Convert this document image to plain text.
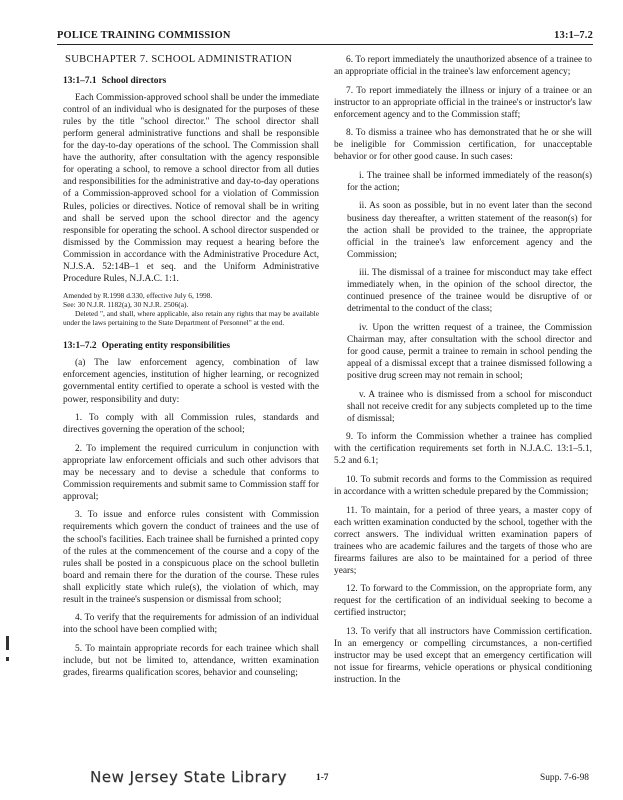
POLICE TRAINING COMMISSION	13:1–7.2

SUBCHAPTER 7. SCHOOL ADMINISTRATION

13:1–7.1 School directors

Each Commission-approved school shall be under the immediate control of an individual who is designated for the purposes of these rules by the title "school director." The school director shall perform general administrative functions and shall be responsible for the day-to-day operations of the school. The Commission shall have the authority, after consultation with the agency responsible for operating a school, to remove a school director from all duties and responsibilities for the administrative and day-to-day operations of a Commission-approved school for a violation of Commission Rules, policies or directives. Notice of removal shall be in writing and shall be served upon the school director and the agency responsible for operating the school. A school director suspended or dismissed by the Commission may request a hearing before the Commission in accordance with the Administrative Procedure Act, N.J.S.A. 52:14B–1 et seq. and the Uniform Administrative Procedure Rules, N.J.A.C. 1:1.

Amended by R.1998 d.330, effective July 6, 1998.
See: 30 N.J.R. 1182(a), 30 N.J.R. 2506(a).
Deleted ", and shall, where applicable, also retain any rights that may be available under the laws pertaining to the State Department of Personnel" at the end.

13:1–7.2 Operating entity responsibilities

(a) The law enforcement agency, combination of law enforcement agencies, institution of higher learning, or recognized governmental entity certified to operate a school is vested with the power, responsibility and duty:

1. To comply with all Commission rules, standards and directives governing the operation of the school;

2. To implement the required curriculum in conjunction with appropriate law enforcement officials and such other advisors that may be necessary and to devise a schedule that conforms to Commission requirements and submit same to Commission staff for approval;

3. To issue and enforce rules consistent with Commission requirements which govern the conduct of trainees and the use of the school's facilities. Each trainee shall be furnished a printed copy of the rules at the commencement of the course and a copy of the rules shall be posted in a conspicuous place on the school bulletin board and remain there for the duration of the course. These rules shall explicitly state which rule(s), the violation of which, may result in the trainee's suspension or dismissal from school;

4. To verify that the requirements for admission of an individual into the school have been complied with;

5. To maintain appropriate records for each trainee which shall include, but not be limited to, attendance, written examination grades, firearms qualification scores, behavior and counseling;

6. To report immediately the unauthorized absence of a trainee to an appropriate official in the trainee's law enforcement agency;

7. To report immediately the illness or injury of a trainee or an instructor to an appropriate official in the trainee's or instructor's law enforcement agency and to the Commission staff;

8. To dismiss a trainee who has demonstrated that he or she will be ineligible for Commission certification, for unacceptable behavior or for other good cause. In such cases:

i. The trainee shall be informed immediately of the reason(s) for the action;

ii. As soon as possible, but in no event later than the second business day thereafter, a written statement of the reason(s) for the action shall be provided to the trainee, the appropriate official in the trainee's law enforcement agency and the Commission;

iii. The dismissal of a trainee for misconduct may take effect immediately when, in the opinion of the school director, the continued presence of the trainee would be disruptive of or detrimental to the conduct of the class;

iv. Upon the written request of a trainee, the Commission Chairman may, after consultation with the school director and for good cause, permit a trainee to remain in school pending the appeal of a dismissal except that a trainee dismissed following a positive drug screen may not remain in school;

v. A trainee who is dismissed from a school for misconduct shall not receive credit for any subjects completed up to the time of dismissal;

9. To inform the Commission whether a trainee has complied with the certification requirements set forth in N.J.A.C. 13:1–5.1, 5.2 and 6.1;

10. To submit records and forms to the Commission as required in accordance with a written schedule prepared by the Commission;

11. To maintain, for a period of three years, a master copy of each written examination conducted by the school, together with the correct answers. The individual written examination papers of trainees who are academic failures and the targets of those who are firearms failures are also to be maintained for a period of three years;

12. To forward to the Commission, on the appropriate form, any request for the certification of an individual seeking to become a certified instructor;

13. To verify that all instructors have Commission certification. In an emergency or compelling circumstances, a non-certified instructor may be used except that an emergency certification will not issue for firearms, vehicle operations or physical conditioning instruction. In the

New Jersey State Library	1-7	Supp. 7-6-98
